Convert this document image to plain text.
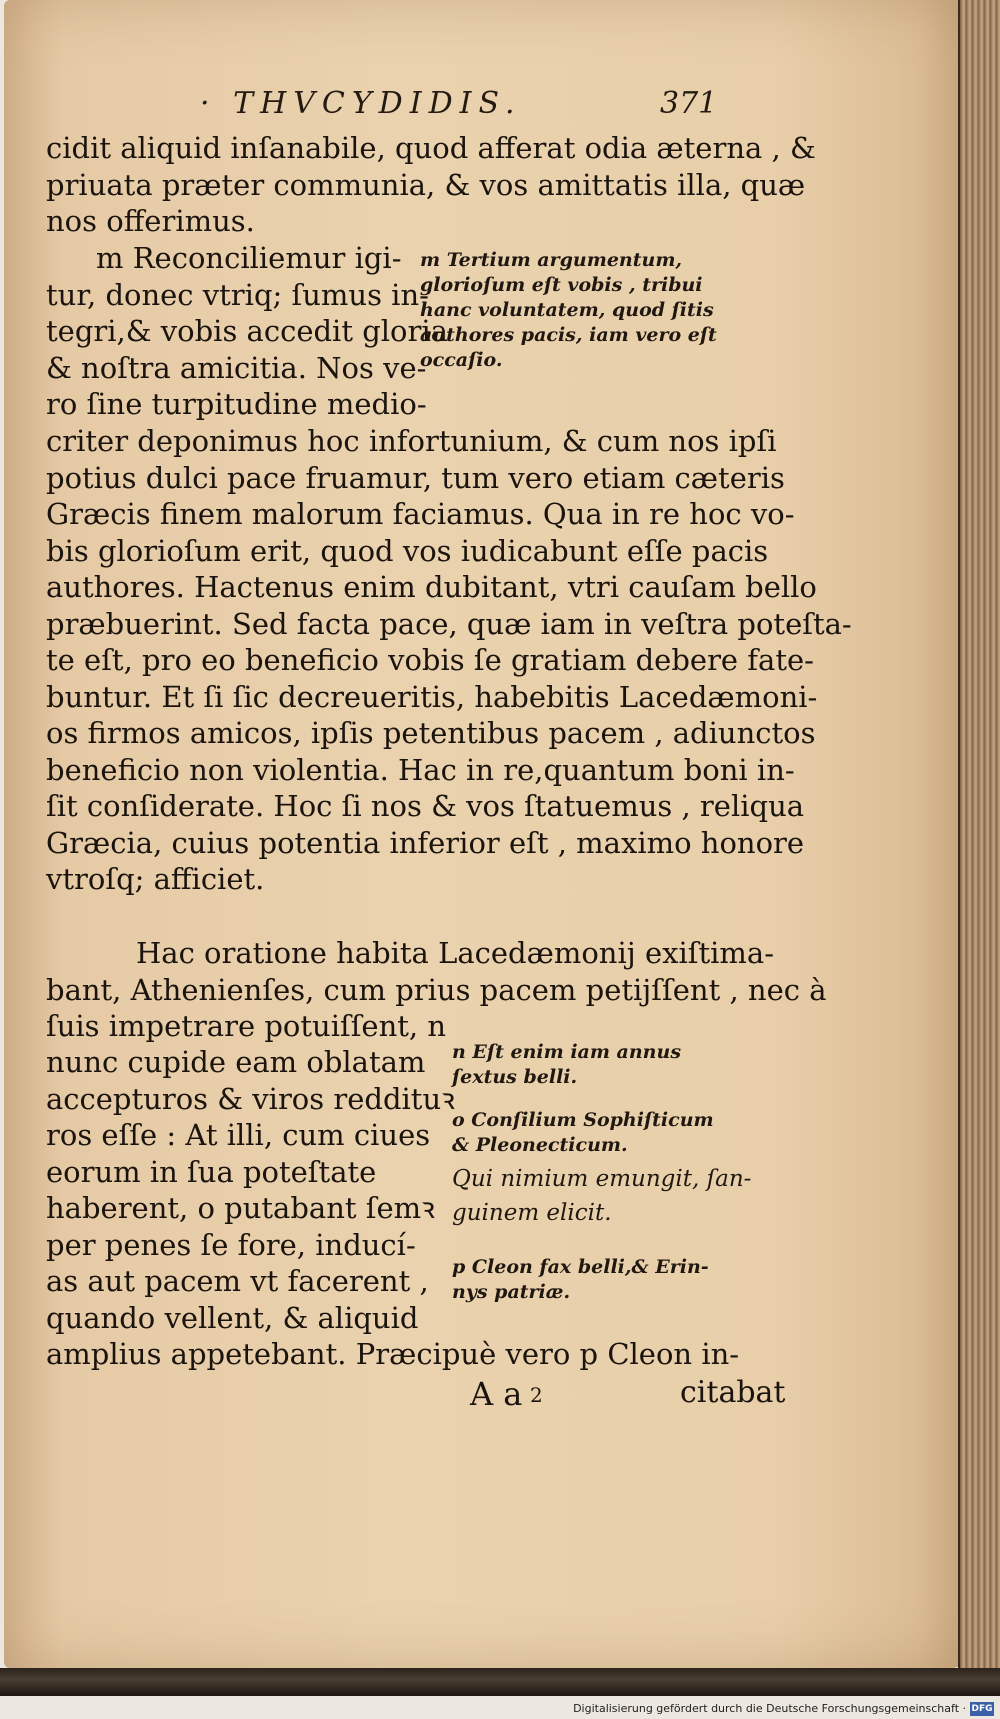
· THVCYDIDIS.	371
cidit aliquid inſanabile, quod afferat odia æterna , &
priuata præter communia, & vos amittatis illa, quæ
nos offerimus.
m Reconciliemur igi-
tur, donec vtriq; ſumus in-
tegri,& vobis accedit gloria
& noſtra amicitia. Nos ve-
ro ſine turpitudine medio-
m Tertium argumentum,
glorioſum eſt vobis , tribui
hanc voluntatem, quod ſitis
authores pacis, iam vero eſt
occaſio.
criter deponimus hoc infortunium, & cum nos ipſi
potius dulci pace fruamur, tum vero etiam cæteris
Græcis finem malorum faciamus. Qua in re hoc vo-
bis glorioſum erit, quod vos iudicabunt eſſe pacis
authores. Hactenus enim dubitant, vtri cauſam bello
præbuerint. Sed facta pace, quæ iam in veſtra poteſta-
te eſt, pro eo beneficio vobis ſe gratiam debere fate-
buntur. Et ſi ſic decreueritis, habebitis Lacedæmoni-
os firmos amicos, ipſis petentibus pacem , adiunctos
beneficio non violentia. Hac in re,quantum boni in-
ſit conſiderate. Hoc ſi nos & vos ſtatuemus , reliqua
Græcia, cuius potentia inferior eſt , maximo honore
vtroſq; afficiet.
Hac oratione habita Lacedæmonij exiſtima-
bant, Athenienſes, cum prius pacem petijſſent , nec à
ſuis impetrare potuiſſent, n
nunc cupide eam oblatam
accepturos & viros reddituꝛ
ros eſſe : At illi, cum ciues
eorum in ſua poteſtate
haberent, o putabant ſemꝛ
per penes ſe fore, inducí-
as aut pacem vt facerent ,
quando vellent, & aliquid
amplius appetebant. Præcipuè vero p Cleon in-
n Eſt enim iam annus
ſextus belli.
o Conſilium Sophiſticum
& Pleonecticum.
Qui nimium emungit, ſan-
guinem elicit.
p Cleon fax belli,& Erin-
nys patriæ.
A a 2	citabat
Digitalisierung gefördert durch die Deutsche Forschungsgemeinschaft · DFG
